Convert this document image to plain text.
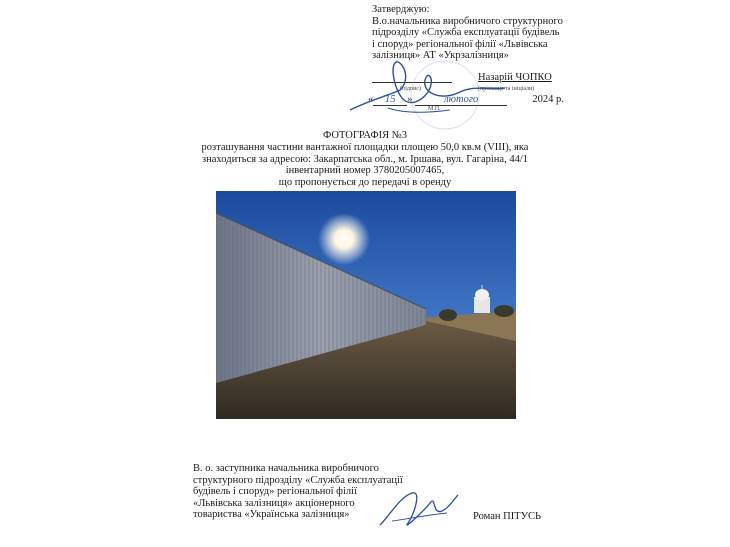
Затверджую:
В.о.начальника виробничого структурного
підрозділу «Служба експлуатації будівель
і споруд» регіональної філії «Львівська
залізниця» АТ «Укрзалізниця»
(підпис)
Назарій ЧОПКО
(прізвище та ініціали)
« 15 »	лютого	2024 р.
М.П.
ФОТОГРАФІЯ №3
розташування частини вантажної площадки площею 50,0 кв.м (VIII), яка
знаходиться за адресою: Закарпатська обл., м. Іршава, вул. Гагаріна, 44/1
інвентарний номер 3780205007465,
що пропонується до передачі в оренду
В. о. заступника начальника виробничого
структурного підрозділу «Служба експлуатації
будівель і споруд» регіональної філії
«Львівська залізниця» акціонерного
товариства «Українська залізниця»	Роман ПІТУСЬ
